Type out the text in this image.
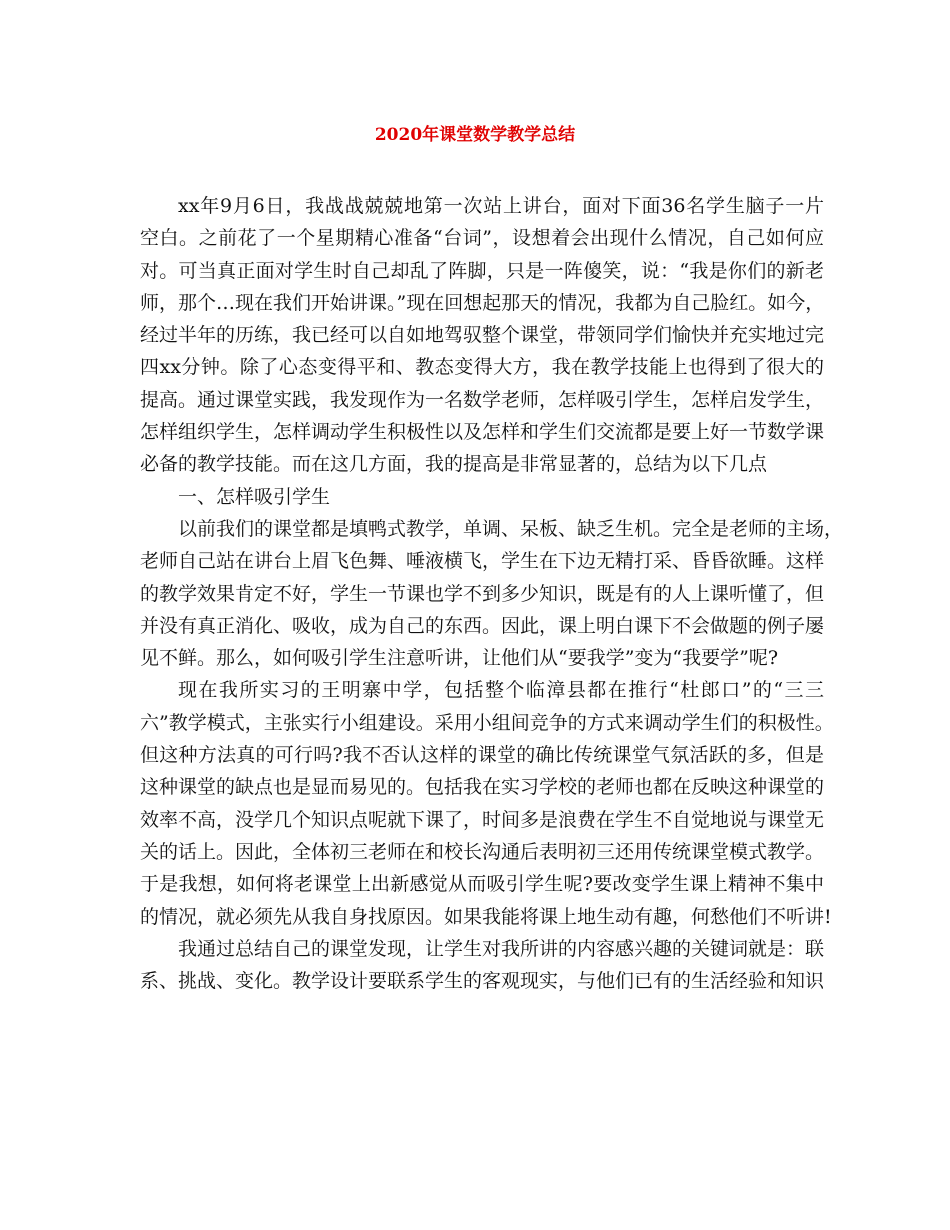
2020年课堂数学教学总结
xx年9月6日，我战战兢兢地第一次站上讲台，面对下面36名学生脑子一片
空白。之前花了一个星期精心准备“台词”，设想着会出现什么情况，自己如何应
对。可当真正面对学生时自己却乱了阵脚，只是一阵傻笑，说：“我是你们的新老
师，那个…现在我们开始讲课。”现在回想起那天的情况，我都为自己脸红。如今，
经过半年的历练，我已经可以自如地驾驭整个课堂，带领同学们愉快并充实地过完
四xx分钟。除了心态变得平和、教态变得大方，我在教学技能上也得到了很大的
提高。通过课堂实践，我发现作为一名数学老师，怎样吸引学生，怎样启发学生，
怎样组织学生，怎样调动学生积极性以及怎样和学生们交流都是要上好一节数学课
必备的教学技能。而在这几方面，我的提高是非常显著的，总结为以下几点
一、怎样吸引学生
以前我们的课堂都是填鸭式教学，单调、呆板、缺乏生机。完全是老师的主场，
老师自己站在讲台上眉飞色舞、唾液横飞，学生在下边无精打采、昏昏欲睡。这样
的教学效果肯定不好，学生一节课也学不到多少知识，既是有的人上课听懂了，但
并没有真正消化、吸收，成为自己的东西。因此，课上明白课下不会做题的例子屡
见不鲜。那么，如何吸引学生注意听讲，让他们从“要我学”变为“我要学”呢?
现在我所实习的王明寨中学，包括整个临漳县都在推行“杜郎口”的“三三
六”教学模式，主张实行小组建设。采用小组间竞争的方式来调动学生们的积极性。
但这种方法真的可行吗?我不否认这样的课堂的确比传统课堂气氛活跃的多，但是
这种课堂的缺点也是显而易见的。包括我在实习学校的老师也都在反映这种课堂的
效率不高，没学几个知识点呢就下课了，时间多是浪费在学生不自觉地说与课堂无
关的话上。因此，全体初三老师在和校长沟通后表明初三还用传统课堂模式教学。
于是我想，如何将老课堂上出新感觉从而吸引学生呢?要改变学生课上精神不集中
的情况，就必须先从我自身找原因。如果我能将课上地生动有趣，何愁他们不听讲!
我通过总结自己的课堂发现，让学生对我所讲的内容感兴趣的关键词就是：联
系、挑战、变化。教学设计要联系学生的客观现实，与他们已有的生活经验和知识
